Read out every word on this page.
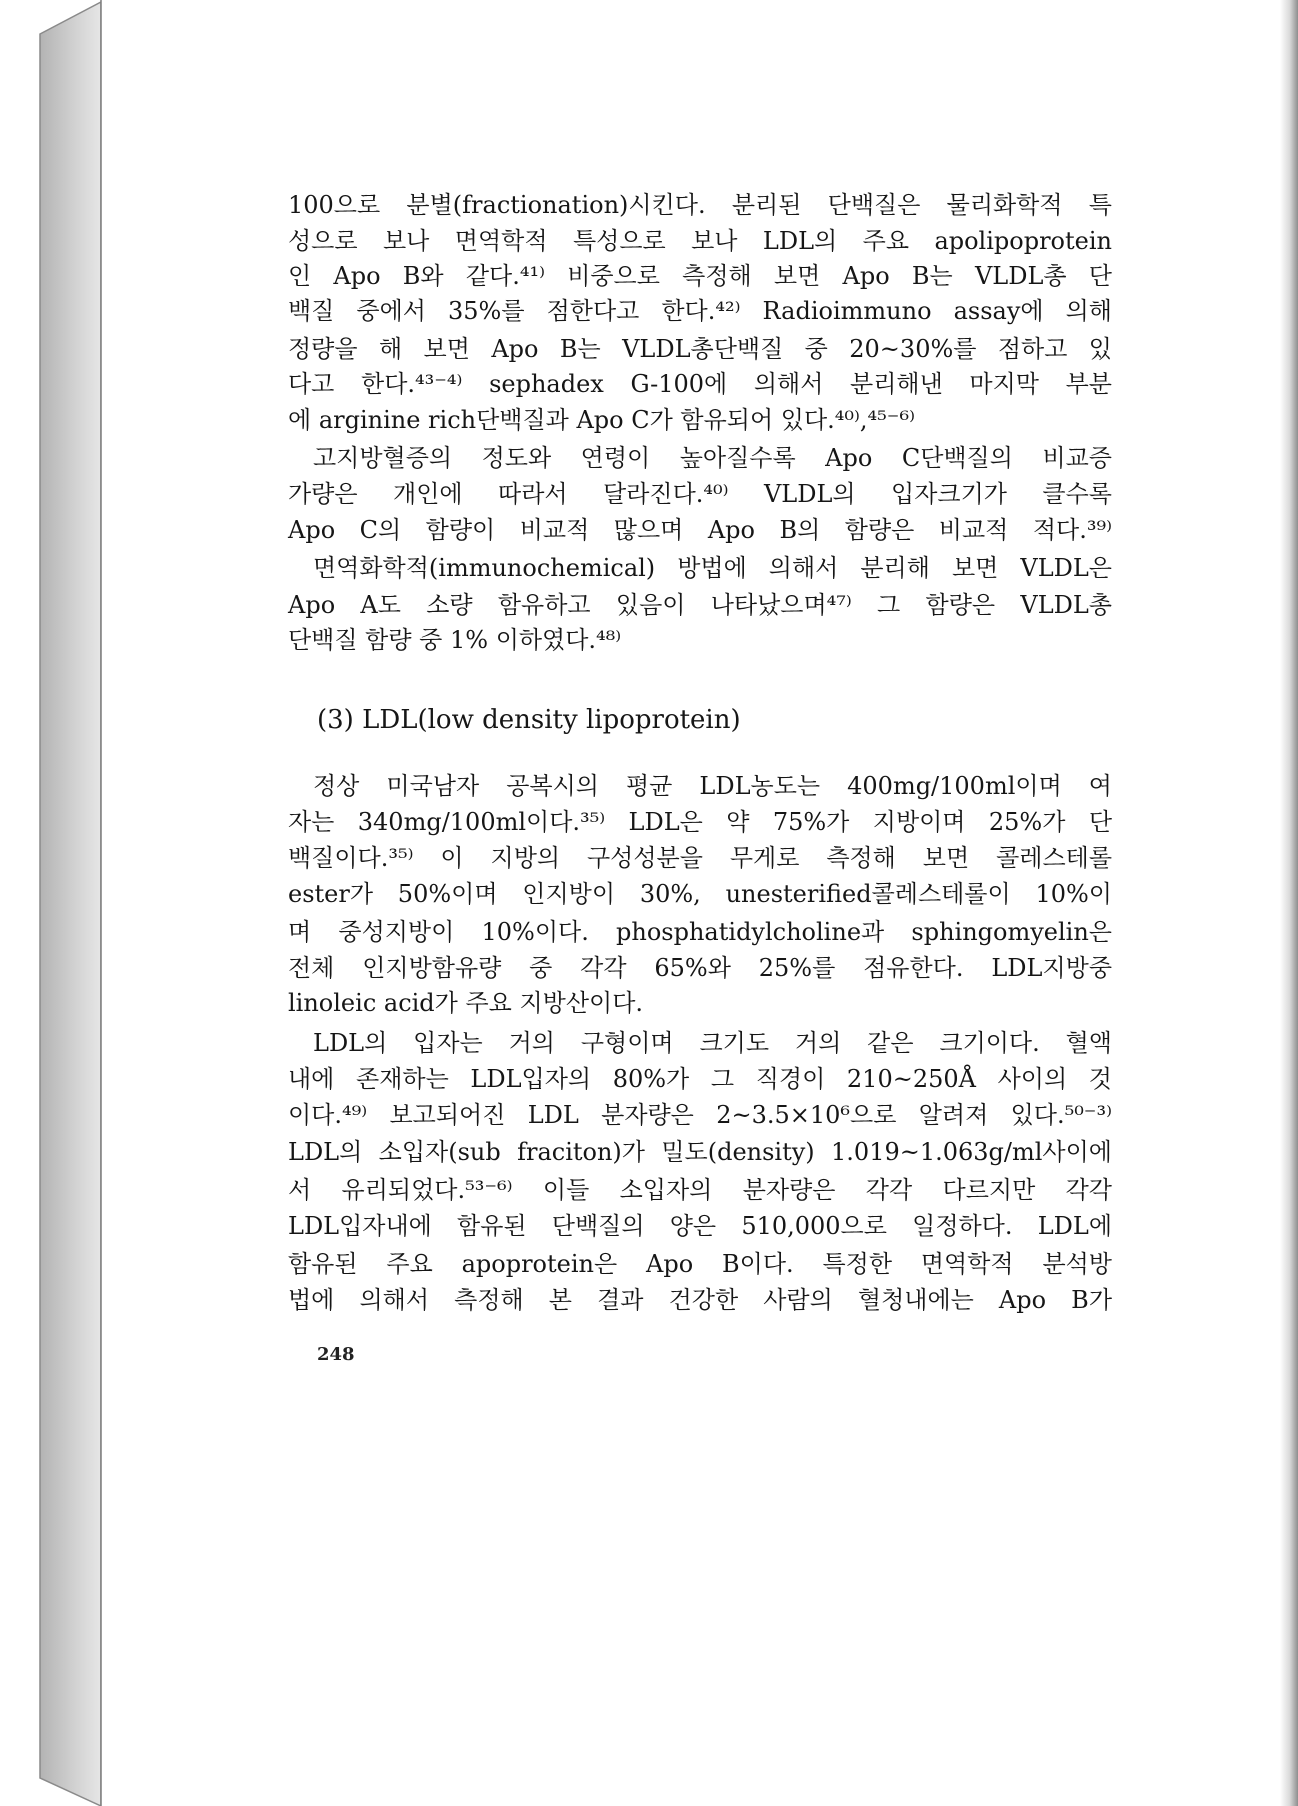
100으로 분별(fractionation)시킨다. 분리된 단백질은 물리화학적 특
성으로 보나 면역학적 특성으로 보나 LDL의 주요 apolipoprotein
인 Apo B와 같다.⁴¹⁾ 비중으로 측정해 보면 Apo B는 VLDL총 단
백질 중에서 35%를 점한다고 한다.⁴²⁾ Radioimmuno assay에 의해
정량을 해 보면 Apo B는 VLDL총단백질 중 20~30%를 점하고 있
다고 한다.⁴³⁻⁴⁾ sephadex G-100에 의해서 분리해낸 마지막 부분
에 arginine rich단백질과 Apo C가 함유되어 있다.⁴⁰⁾,⁴⁵⁻⁶⁾
고지방혈증의 정도와 연령이 높아질수록 Apo C단백질의 비교증
가량은 개인에 따라서 달라진다.⁴⁰⁾ VLDL의 입자크기가 클수록
Apo C의 함량이 비교적 많으며 Apo B의 함량은 비교적 적다.³⁹⁾
면역화학적(immunochemical) 방법에 의해서 분리해 보면 VLDL은
Apo A도 소량 함유하고 있음이 나타났으며⁴⁷⁾ 그 함량은 VLDL총
단백질 함량 중 1% 이하였다.⁴⁸⁾
(3) LDL(low density lipoprotein)
정상 미국남자 공복시의 평균 LDL농도는 400mg/100ml이며 여
자는 340mg/100ml이다.³⁵⁾ LDL은 약 75%가 지방이며 25%가 단
백질이다.³⁵⁾ 이 지방의 구성성분을 무게로 측정해 보면 콜레스테롤
ester가 50%이며 인지방이 30%, unesterified콜레스테롤이 10%이
며 중성지방이 10%이다. phosphatidylcholine과 sphingomyelin은
전체 인지방함유량 중 각각 65%와 25%를 점유한다. LDL지방중
linoleic acid가 주요 지방산이다.
LDL의 입자는 거의 구형이며 크기도 거의 같은 크기이다. 혈액
내에 존재하는 LDL입자의 80%가 그 직경이 210~250Å 사이의 것
이다.⁴⁹⁾ 보고되어진 LDL 분자량은 2~3.5×10⁶으로 알려져 있다.⁵⁰⁻³⁾
LDL의 소입자(sub fraciton)가 밀도(density) 1.019~1.063g/ml사이에
서 유리되었다.⁵³⁻⁶⁾ 이들 소입자의 분자량은 각각 다르지만 각각
LDL입자내에 함유된 단백질의 양은 510,000으로 일정하다. LDL에
함유된 주요 apoprotein은 Apo B이다. 특정한 면역학적 분석방
법에 의해서 측정해 본 결과 건강한 사람의 혈청내에는 Apo B가
248
